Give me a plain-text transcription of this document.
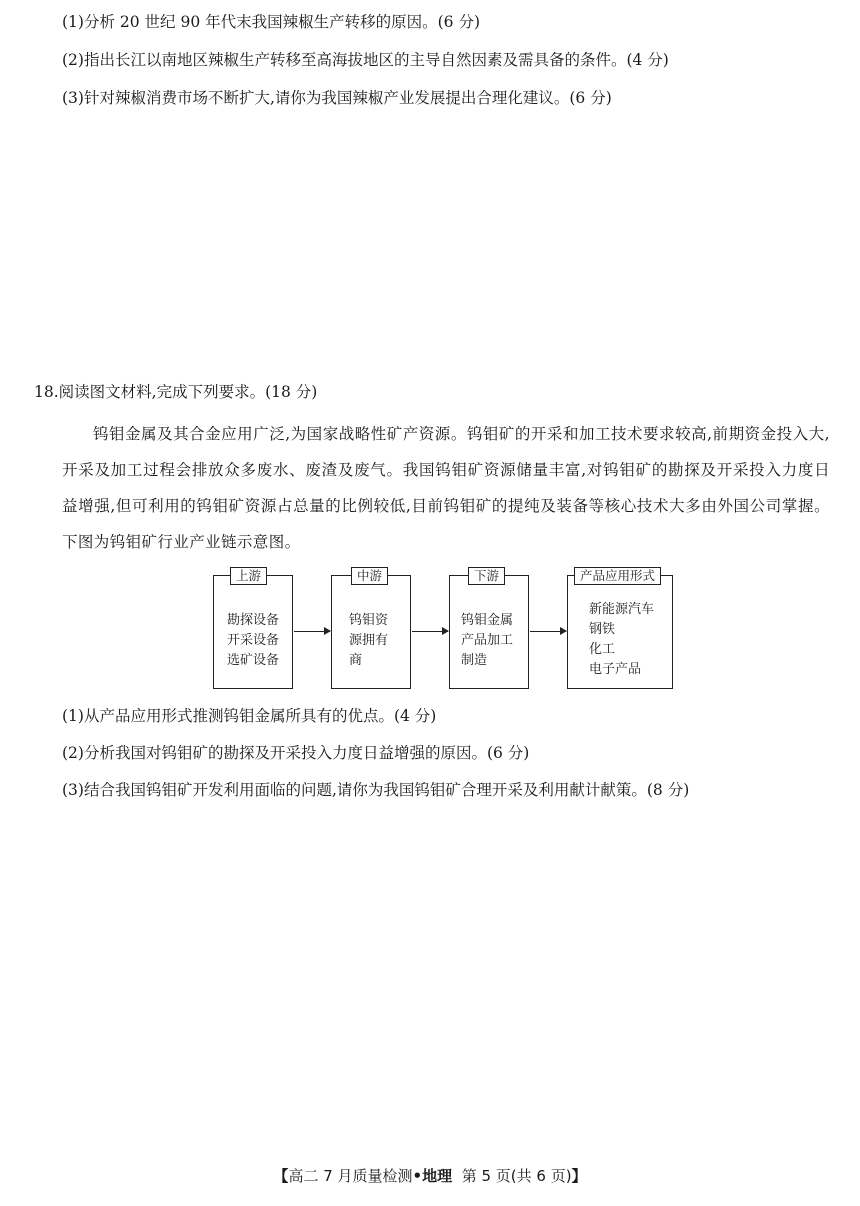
(1)分析 20 世纪 90 年代末我国辣椒生产转移的原因。(6 分)
(2)指出长江以南地区辣椒生产转移至高海拔地区的主导自然因素及需具备的条件。(4 分)
(3)针对辣椒消费市场不断扩大,请你为我国辣椒产业发展提出合理化建议。(6 分)
18.阅读图文材料,完成下列要求。(18 分)
钨钼金属及其合金应用广泛,为国家战略性矿产资源。钨钼矿的开采和加工技术要求较高,前期资金投入大,开采及加工过程会排放众多废水、废渣及废气。我国钨钼矿资源储量丰富,对钨钼矿的勘探及开采投入力度日益增强,但可利用的钨钼矿资源占总量的比例较低,目前钨钼矿的提纯及装备等核心技术大多由外国公司掌握。下图为钨钼矿行业产业链示意图。
勘探设备
开采设备
选矿设备
上游
钨钼资
源拥有
商
中游
钨钼金属
产品加工
制造
下游
新能源汽车
钢铁
化工
电子产品
产品应用形式
(1)从产品应用形式推测钨钼金属所具有的优点。(4 分)
(2)分析我国对钨钼矿的勘探及开采投入力度日益增强的原因。(6 分)
(3)结合我国钨钼矿开发利用面临的问题,请你为我国钨钼矿合理开采及利用献计献策。(8 分)
【高二 7 月质量检测•地理 第 5 页(共 6 页)】
